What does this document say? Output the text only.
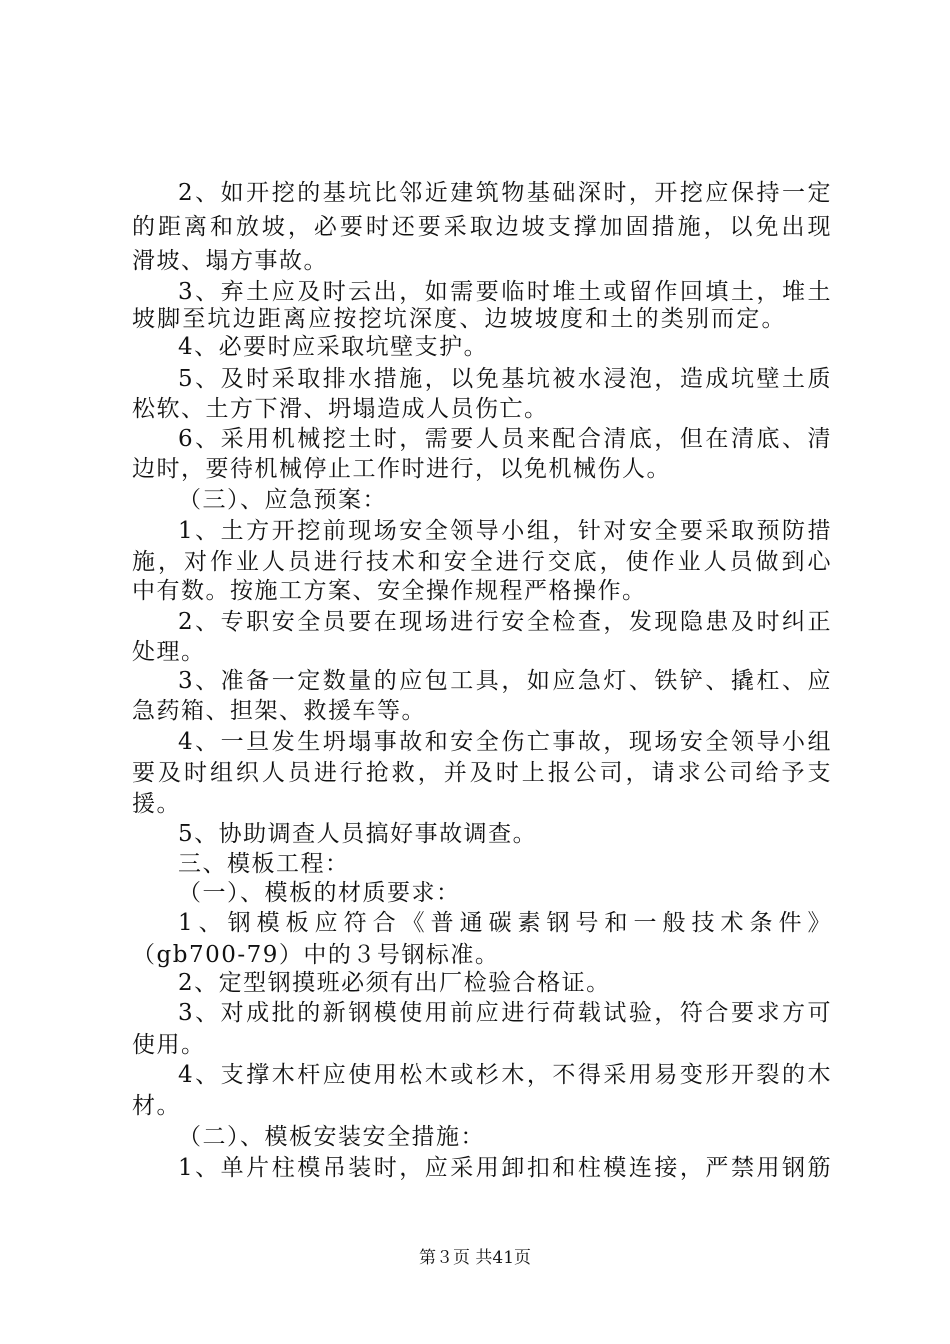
2、如开挖的基坑比邻近建筑物基础深时，开挖应保持一定
的距离和放坡，必要时还要采取边坡支撑加固措施，以免出现
滑坡、塌方事故。
3、弃土应及时云出，如需要临时堆土或留作回填土，堆土
坡脚至坑边距离应按挖坑深度、边坡坡度和土的类别而定。
4、必要时应采取坑壁支护。
5、及时采取排水措施，以免基坑被水浸泡，造成坑壁土质
松软、土方下滑、坍塌造成人员伤亡。
6、采用机械挖土时，需要人员来配合清底，但在清底、清
边时，要待机械停止工作时进行，以免机械伤人。
（三）、应急预案：
1、土方开挖前现场安全领导小组，针对安全要采取预防措
施，对作业人员进行技术和安全进行交底，使作业人员做到心
中有数。按施工方案、安全操作规程严格操作。
2、专职安全员要在现场进行安全检查，发现隐患及时纠正
处理。
3、准备一定数量的应包工具，如应急灯、铁铲、撬杠、应
急药箱、担架、救援车等。
4、一旦发生坍塌事故和安全伤亡事故，现场安全领导小组
要及时组织人员进行抢救，并及时上报公司，请求公司给予支
援。
5、协助调查人员搞好事故调查。
三、模板工程：
（一）、模板的材质要求：
1、钢模板应符合《普通碳素钢号和一般技术条件》
（gb700-79）中的３号钢标准。
2、定型钢摸班必须有出厂检验合格证。
3、对成批的新钢模使用前应进行荷载试验，符合要求方可
使用。
4、支撑木杆应使用松木或杉木，不得采用易变形开裂的木
材。
（二）、模板安装安全措施：
1、单片柱模吊装时，应采用卸扣和柱模连接，严禁用钢筋
第３页 共41页
